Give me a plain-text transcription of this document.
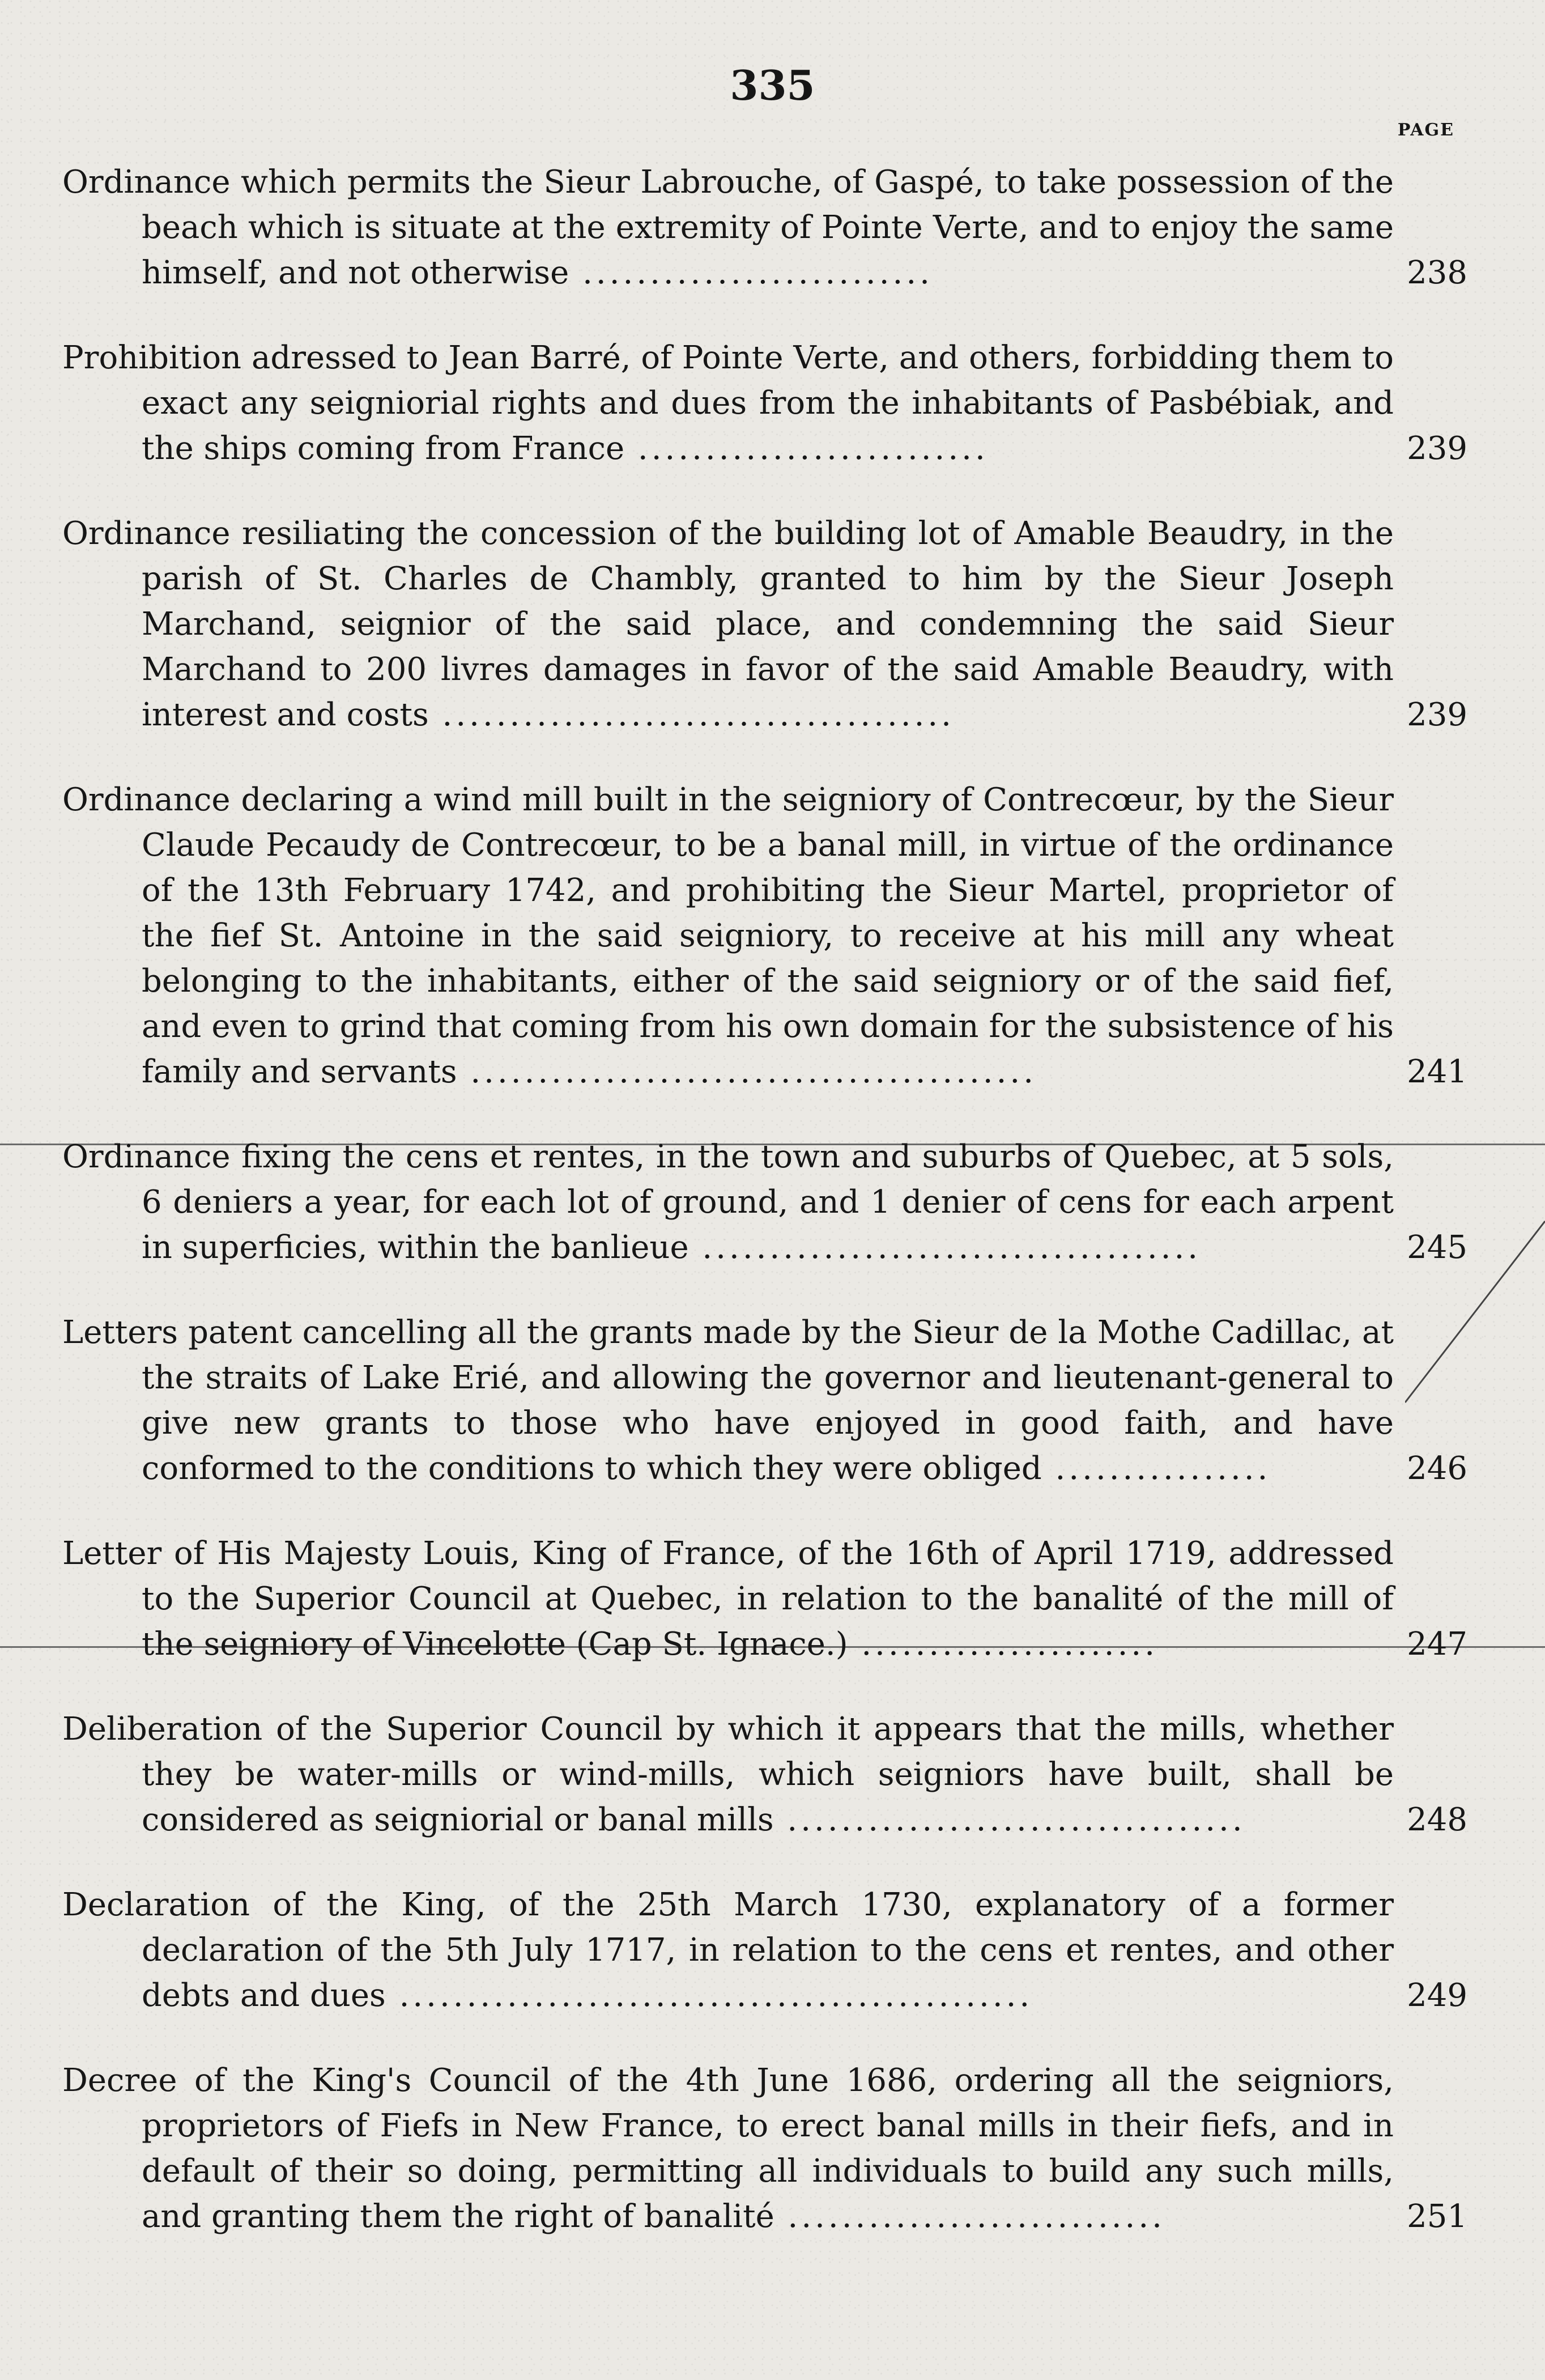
335
PAGE
Ordinance which permits the Sieur Labrouche, of Gaspé, to take possession of the beach which is situate at the extremity of Pointe Verte, and to enjoy the same himself, and not otherwise ..........................	238
Prohibition adressed to Jean Barré, of Pointe Verte, and others, forbidding them to exact any seigniorial rights and dues from the inhabitants of Pasbébiak, and the ships coming from France ..........................	239
Ordinance resiliating the concession of the building lot of Amable Beaudry, in the parish of St. Charles de Chambly, granted to him by the Sieur Joseph Marchand, seignior of the said place, and condemning the said Sieur Marchand to 200 livres damages in favor of the said Amable Beaudry, with interest and costs ......................................	239
Ordinance declaring a wind mill built in the seigniory of Contrecœur, by the Sieur Claude Pecaudy de Contrecœur, to be a banal mill, in virtue of the ordinance of the 13th February 1742, and prohibiting the Sieur Martel, proprietor of the fief St. Antoine in the said seigniory, to receive at his mill any wheat belonging to the inhabitants, either of the said seigniory or of the said fief, and even to grind that coming from his own domain for the subsistence of his family and servants ..........................................	241
Ordinance fixing the cens et rentes, in the town and suburbs of Quebec, at 5 sols, 6 deniers a year, for each lot of ground, and 1 denier of cens for each arpent in superficies, within the banlieue .....................................	245
Letters patent cancelling all the grants made by the Sieur de la Mothe Cadillac, at the straits of Lake Erié, and allowing the governor and lieutenant-general to give new grants to those who have enjoyed in good faith, and have conformed to the conditions to which they were obliged ................	246
Letter of His Majesty Louis, King of France, of the 16th of April 1719, addressed to the Superior Council at Quebec, in relation to the banalité of the mill of the seigniory of Vincelotte (Cap St. Ignace.) ......................	247
Deliberation of the Superior Council by which it appears that the mills, whether they be water-mills or wind-mills, which seigniors have built, shall be considered as seigniorial or banal mills ..................................	248
Declaration of the King, of the 25th March 1730, explanatory of a former declaration of the 5th July 1717, in relation to the cens et rentes, and other debts and dues ...............................................	249
Decree of the King's Council of the 4th June 1686, ordering all the seigniors, proprietors of Fiefs in New France, to erect banal mills in their fiefs, and in default of their so doing, permitting all individuals to build any such mills, and granting them the right of banalité ............................	251
